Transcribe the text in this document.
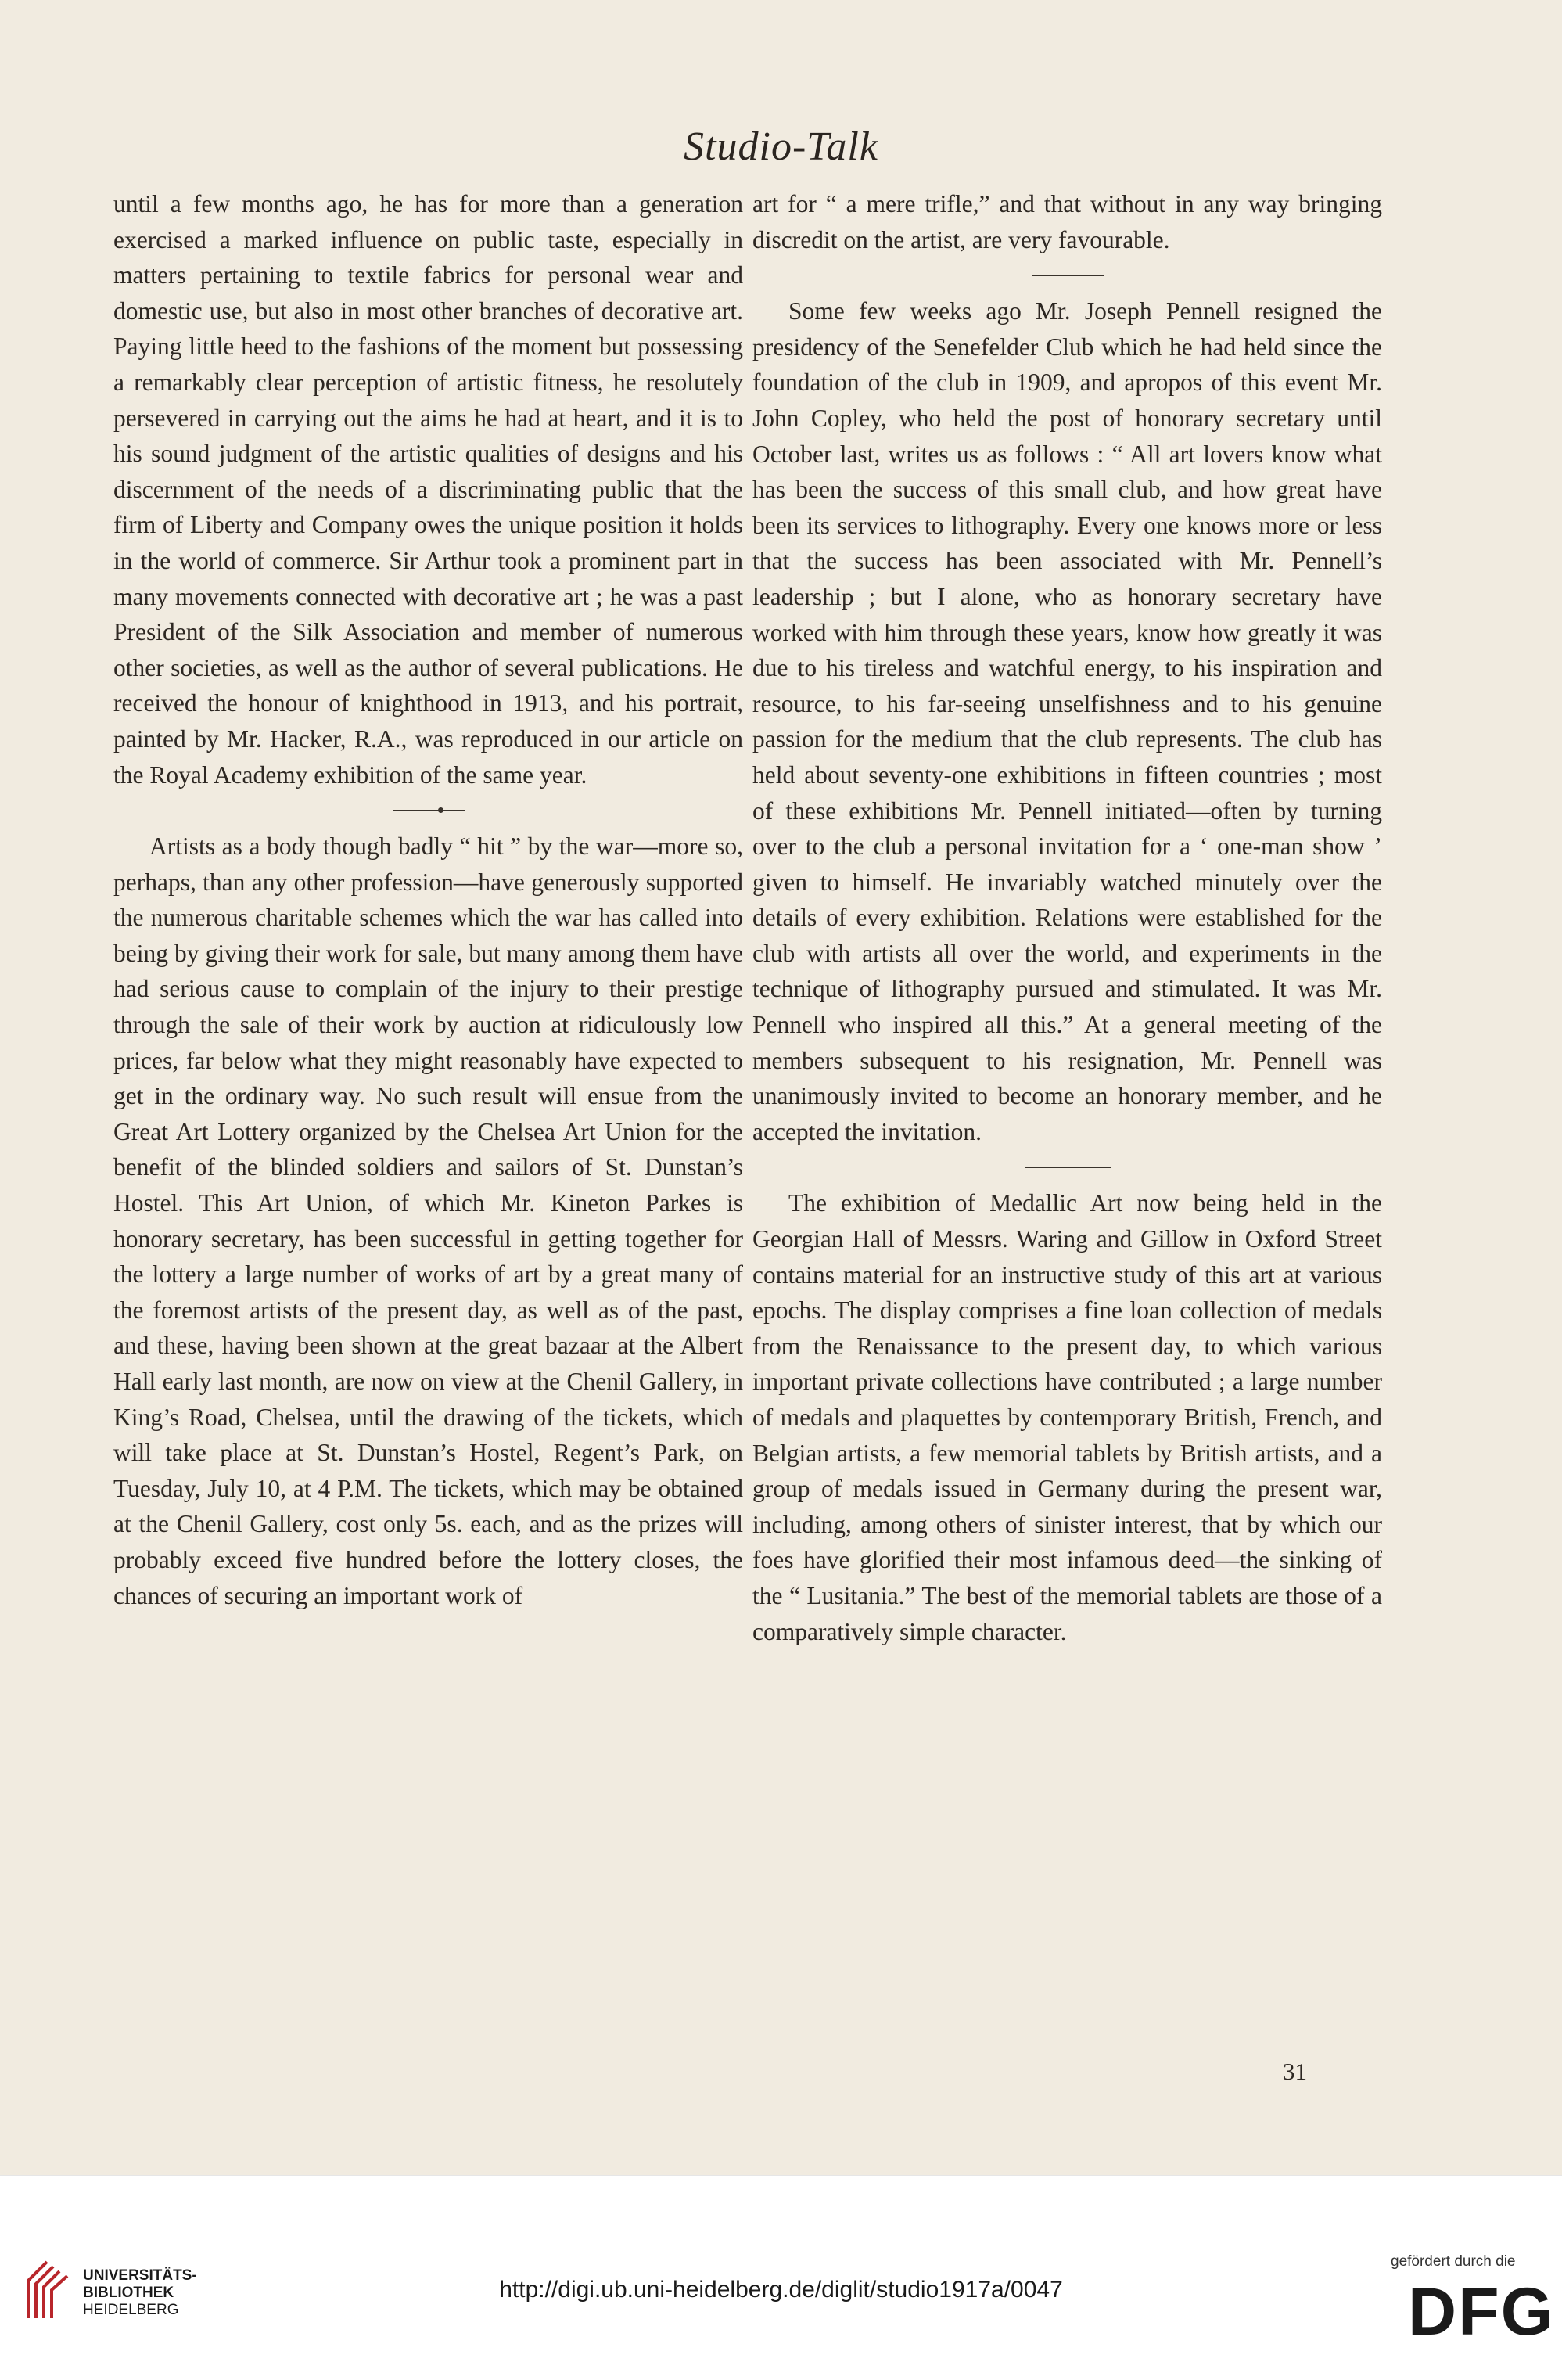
Studio-Talk

until a few months ago, he has for more than a generation exercised a marked influence on public taste, especially in matters pertaining to textile fabrics for personal wear and domestic use, but also in most other branches of decorative art. Paying little heed to the fashions of the moment but possessing a remarkably clear perception of artistic fitness, he resolutely persevered in carrying out the aims he had at heart, and it is to his sound judgment of the artistic qualities of designs and his discernment of the needs of a discriminating public that the firm of Liberty and Company owes the unique position it holds in the world of commerce. Sir Arthur took a prominent part in many movements connected with decorative art ; he was a past President of the Silk Association and member of numerous other societies, as well as the author of several publications. He received the honour of knighthood in 1913, and his portrait, painted by Mr. Hacker, R.A., was reproduced in our article on the Royal Academy exhibition of the same year.

Artists as a body though badly “ hit ” by the war—more so, perhaps, than any other profession—have generously supported the numerous charitable schemes which the war has called into being by giving their work for sale, but many among them have had serious cause to complain of the injury to their prestige through the sale of their work by auction at ridiculously low prices, far below what they might reasonably have expected to get in the ordinary way. No such result will ensue from the Great Art Lottery organized by the Chelsea Art Union for the benefit of the blinded soldiers and sailors of St. Dunstan’s Hostel. This Art Union, of which Mr. Kineton Parkes is honorary secretary, has been successful in getting together for the lottery a large number of works of art by a great many of the foremost artists of the present day, as well as of the past, and these, having been shown at the great bazaar at the Albert Hall early last month, are now on view at the Chenil Gallery, in King’s Road, Chelsea, until the drawing of the tickets, which will take place at St. Dunstan’s Hostel, Regent’s Park, on Tuesday, July 10, at 4 P.M. The tickets, which may be obtained at the Chenil Gallery, cost only 5s. each, and as the prizes will probably exceed five hundred before the lottery closes, the chances of securing an important work of

art for “ a mere trifle,” and that without in any way bringing discredit on the artist, are very favourable.

Some few weeks ago Mr. Joseph Pennell resigned the presidency of the Senefelder Club which he had held since the foundation of the club in 1909, and apropos of this event Mr. John Copley, who held the post of honorary secretary until October last, writes us as follows : “ All art lovers know what has been the success of this small club, and how great have been its services to lithography. Every one knows more or less that the success has been associated with Mr. Pennell’s leadership ; but I alone, who as honorary secretary have worked with him through these years, know how greatly it was due to his tireless and watchful energy, to his inspiration and resource, to his far-seeing unselfishness and to his genuine passion for the medium that the club represents. The club has held about seventy-one exhibitions in fifteen countries ; most of these exhibitions Mr. Pennell initiated—often by turning over to the club a personal invitation for a ‘ one-man show ’ given to himself. He invariably watched minutely over the details of every exhibition. Relations were established for the club with artists all over the world, and experiments in the technique of lithography pursued and stimulated. It was Mr. Pennell who inspired all this.” At a general meeting of the members subsequent to his resignation, Mr. Pennell was unanimously invited to become an honorary member, and he accepted the invitation.

The exhibition of Medallic Art now being held in the Georgian Hall of Messrs. Waring and Gillow in Oxford Street contains material for an instructive study of this art at various epochs. The display comprises a fine loan collection of medals from the Renaissance to the present day, to which various important private collections have contributed ; a large number of medals and plaquettes by contemporary British, French, and Belgian artists, a few memorial tablets by British artists, and a group of medals issued in Germany during the present war, including, among others of sinister interest, that by which our foes have glorified their most infamous deed—the sinking of the “ Lusitania.” The best of the memorial tablets are those of a comparatively simple character.

31
UNIVERSITÄTS-
BIBLIOTHEK
HEIDELBERG
http://digi.ub.uni-heidelberg.de/diglit/studio1917a/0047
gefördert durch die
DFG
